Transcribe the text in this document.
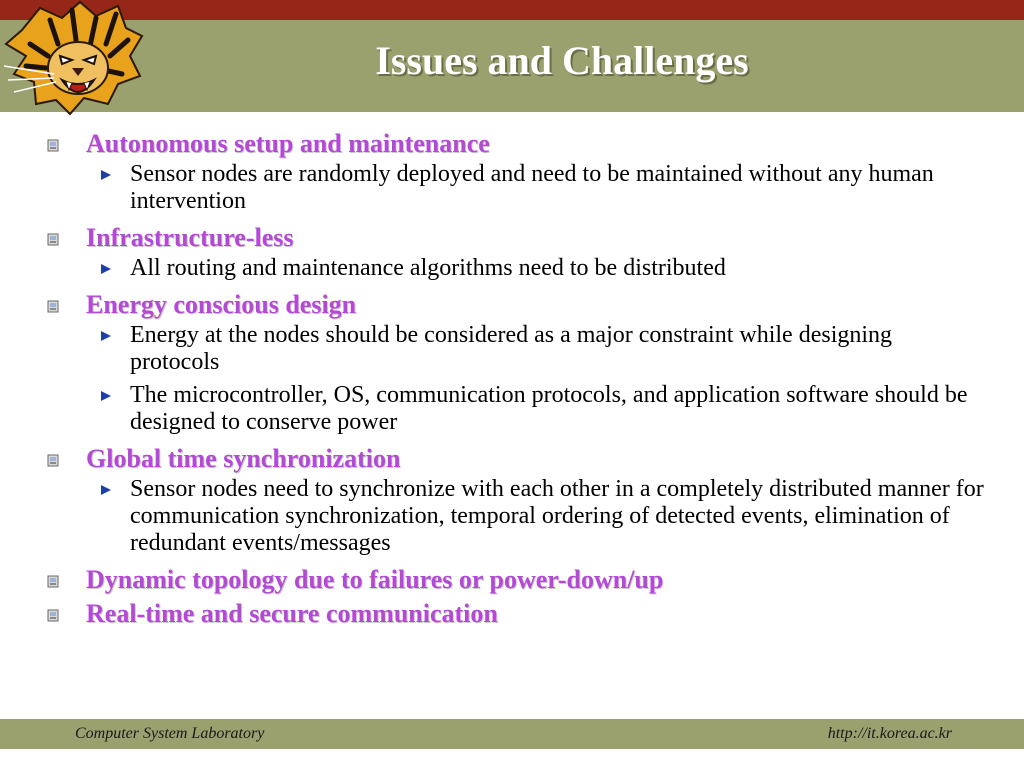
Issues and Challenges
Autonomous setup and maintenance
Sensor nodes are randomly deployed and need to be maintained without any human intervention
Infrastructure-less
All routing and maintenance algorithms need to be distributed
Energy conscious design
Energy at the nodes should be considered as a major constraint while designing protocols
The microcontroller, OS, communication protocols, and application software should be designed to conserve power
Global time synchronization
Sensor nodes need to synchronize with each other in a completely distributed manner for communication synchronization, temporal ordering of detected events, elimination of redundant events/messages
Dynamic topology due to failures or power-down/up
Real-time and secure communication
Computer System Laboratory	http://it.korea.ac.kr
